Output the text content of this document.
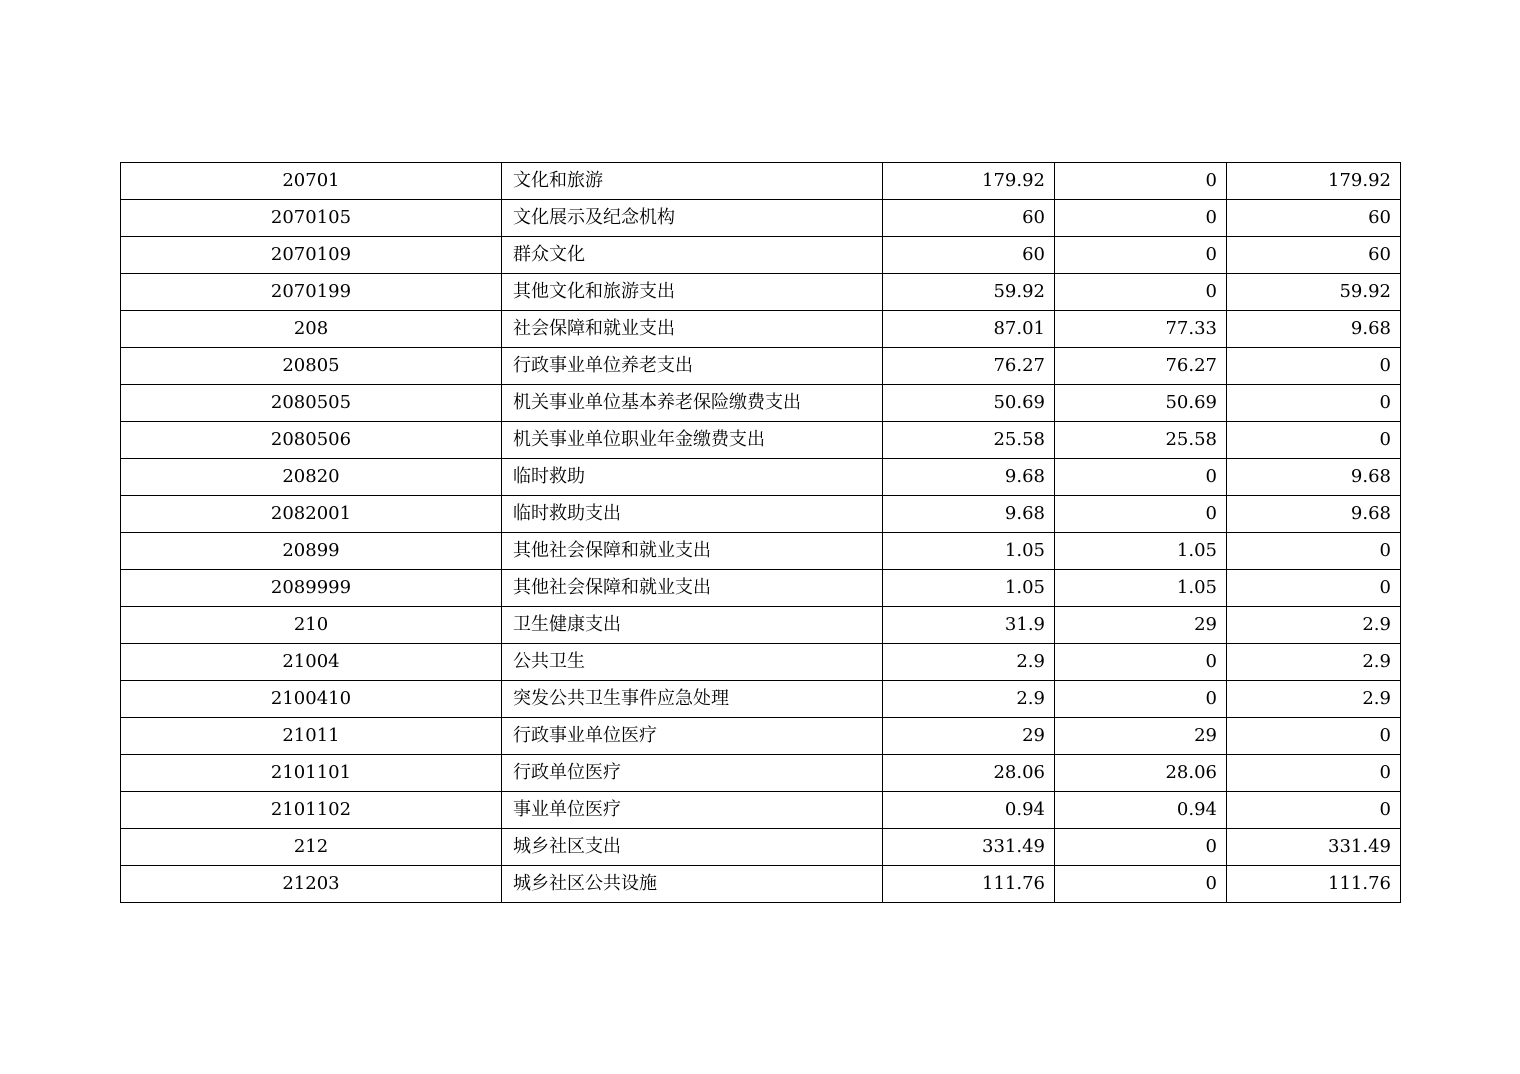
20701	文化和旅游	179.92	0	179.92
2070105	文化展示及纪念机构	60	0	60
2070109	群众文化	60	0	60
2070199	其他文化和旅游支出	59.92	0	59.92
208	社会保障和就业支出	87.01	77.33	9.68
20805	行政事业单位养老支出	76.27	76.27	0
2080505	机关事业单位基本养老保险缴费支出	50.69	50.69	0
2080506	机关事业单位职业年金缴费支出	25.58	25.58	0
20820	临时救助	9.68	0	9.68
2082001	临时救助支出	9.68	0	9.68
20899	其他社会保障和就业支出	1.05	1.05	0
2089999	其他社会保障和就业支出	1.05	1.05	0
210	卫生健康支出	31.9	29	2.9
21004	公共卫生	2.9	0	2.9
2100410	突发公共卫生事件应急处理	2.9	0	2.9
21011	行政事业单位医疗	29	29	0
2101101	行政单位医疗	28.06	28.06	0
2101102	事业单位医疗	0.94	0.94	0
212	城乡社区支出	331.49	0	331.49
21203	城乡社区公共设施	111.76	0	111.76
